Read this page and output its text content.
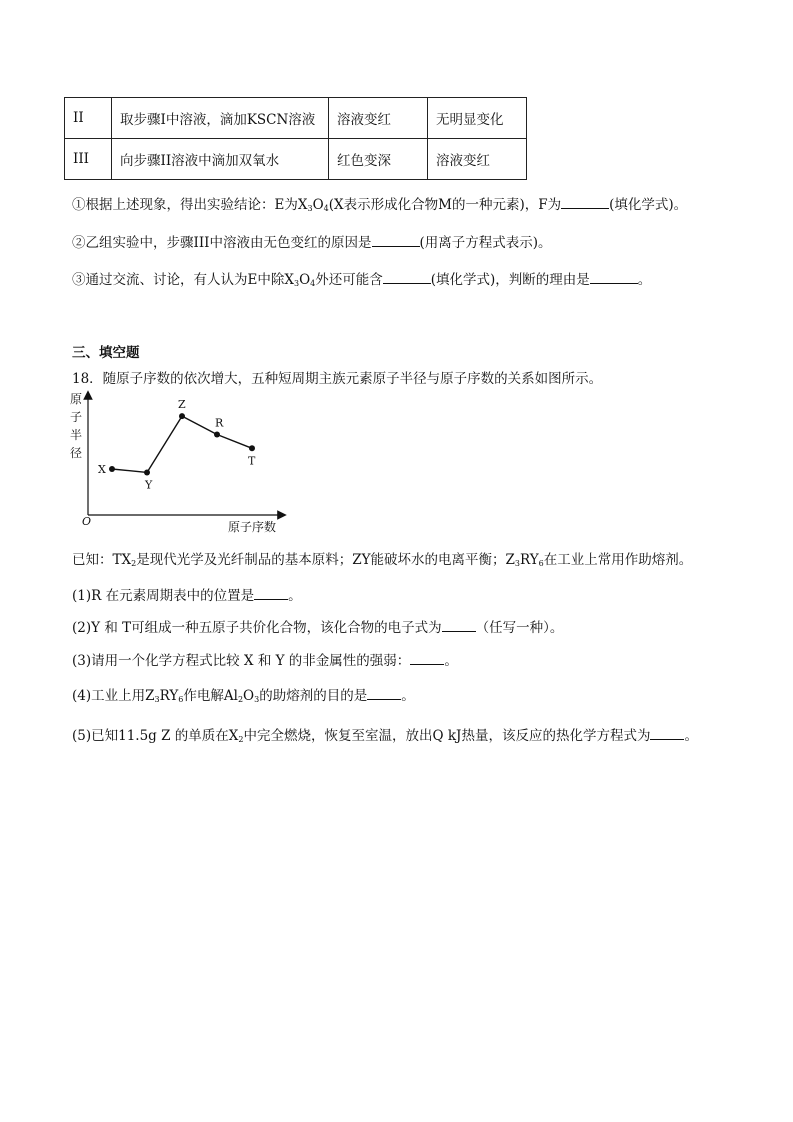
II	取步骤I中溶液，滴加KSCN溶液	溶液变红	无明显变化
III	向步骤II溶液中滴加双氧水	红色变深	溶液变红
①根据上述现象，得出实验结论：E为$X_3O_4(X$表示形成化合物M的一种元素)，F为	(填化学式)。
②乙组实验中，步骤III中溶液由无色变红的原因是	(用离子方程式表示)。
③通过交流、讨论，有人认为E中除$X_3O_4$外还可能含	(填化学式)，判断的理由是	。
三、填空题
18．随原子序数的依次增大，五种短周期主族元素原子半径与原子序数的关系如图所示。
原
子
半
径
O	原子序数
X
Y
Z
R
T
已知：$TX_2$是现代光学及光纤制品的基本原料；ZY能破坏水的电离平衡；$Z_3RY_6$在工业上常用作助熔剂。
(1)R 在元素周期表中的位置是	。
(2)Y 和 T可组成一种五原子共价化合物，该化合物的电子式为	（任写一种）。
(3)请用一个化学方程式比较 X 和 Y 的非金属性的强弱：	。
(4)工业上用$Z_3RY_6$作电解$Al_2O_3$的助熔剂的目的是	。
(5)已知11.5g Z 的单质在$X_2$中完全燃烧，恢复至室温，放出Q kJ热量，该反应的热化学方程式为	。
